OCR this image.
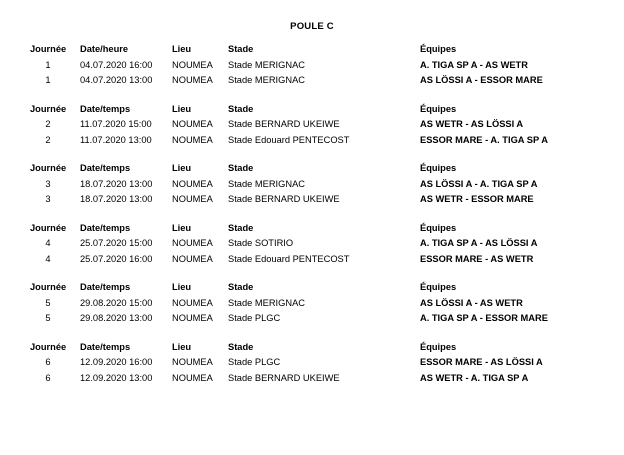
POULE C
Journée	Date/heure	Lieu	Stade	Équipes
1	04.07.2020 16:00	NOUMEA	Stade MERIGNAC	A. TIGA SP A - AS WETR
1	04.07.2020 13:00	NOUMEA	Stade MERIGNAC	AS LÖSSI A - ESSOR MARE
Journée	Date/temps	Lieu	Stade	Équipes
2	11.07.2020 15:00	NOUMEA	Stade BERNARD UKEIWE	AS WETR - AS LÖSSI A
2	11.07.2020 13:00	NOUMEA	Stade Edouard PENTECOST	ESSOR MARE - A. TIGA SP A
Journée	Date/temps	Lieu	Stade	Équipes
3	18.07.2020 13:00	NOUMEA	Stade MERIGNAC	AS LÖSSI A - A. TIGA SP A
3	18.07.2020 13:00	NOUMEA	Stade BERNARD UKEIWE	AS WETR - ESSOR MARE
Journée	Date/temps	Lieu	Stade	Équipes
4	25.07.2020 15:00	NOUMEA	Stade SOTIRIO	A. TIGA SP A - AS LÖSSI A
4	25.07.2020 16:00	NOUMEA	Stade Edouard PENTECOST	ESSOR MARE - AS WETR
Journée	Date/temps	Lieu	Stade	Équipes
5	29.08.2020 15:00	NOUMEA	Stade MERIGNAC	AS LÖSSI A - AS WETR
5	29.08.2020 13:00	NOUMEA	Stade PLGC	A. TIGA SP A - ESSOR MARE
Journée	Date/temps	Lieu	Stade	Équipes
6	12.09.2020 16:00	NOUMEA	Stade PLGC	ESSOR MARE - AS LÖSSI A
6	12.09.2020 13:00	NOUMEA	Stade BERNARD UKEIWE	AS WETR - A. TIGA SP A
